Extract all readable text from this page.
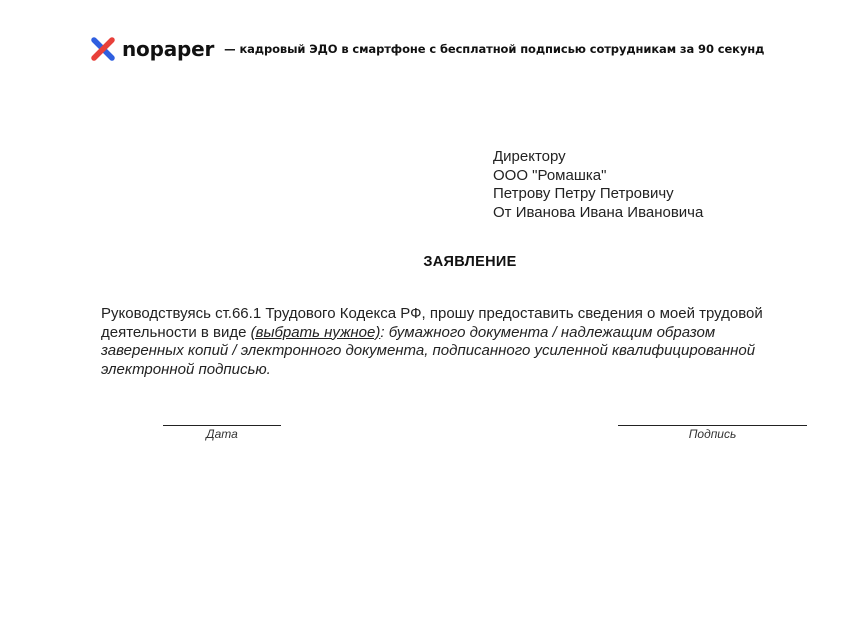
nopaper — кадровый ЭДО в смартфоне с бесплатной подписью сотрудникам за 90 секунд
Директору
ООО "Ромашка"
Петрову Петру Петровичу
От Иванова Ивана Ивановича
ЗАЯВЛЕНИЕ
Руководствуясь ст.66.1 Трудового Кодекса РФ, прошу предоставить сведения о моей трудовой деятельности в виде (выбрать нужное): бумажного документа / надлежащим образом заверенных копий / электронного документа, подписанного усиленной квалифицированной электронной подписью.
Дата	Подпись
